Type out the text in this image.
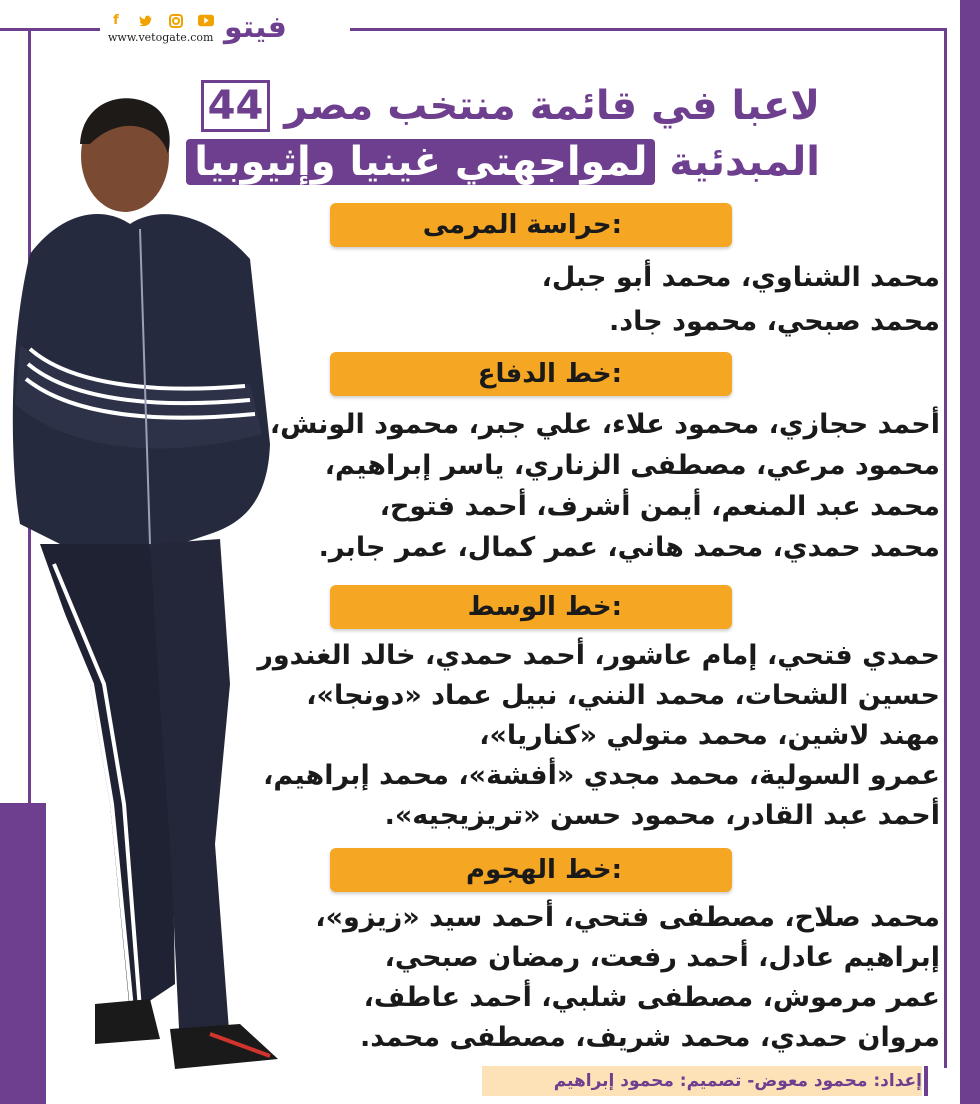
f
www.vetogate.com فيتو
44 لاعبا في قائمة منتخب مصر
المبدئية لمواجهتي غينيا وإثيوبيا
حراسة المرمى:
محمد الشناوي، محمد أبو جبل،
محمد صبحي، محمود جاد.
خط الدفاع:
أحمد حجازي، محمود علاء، علي جبر، محمود الونش،
محمود مرعي، مصطفى الزناري، ياسر إبراهيم،
محمد عبد المنعم، أيمن أشرف، أحمد فتوح،
محمد حمدي، محمد هاني، عمر كمال، عمر جابر.
خط الوسط:
حمدي فتحي، إمام عاشور، أحمد حمدي، خالد الغندور
حسين الشحات، محمد النني، نبيل عماد «دونجا»،
مهند لاشين، محمد متولي «كناريا»،
عمرو السولية، محمد مجدي «أفشة»، محمد إبراهيم،
أحمد عبد القادر، محمود حسن «تريزيجيه».
خط الهجوم:
محمد صلاح، مصطفى فتحي، أحمد سيد «زيزو»،
إبراهيم عادل، أحمد رفعت، رمضان صبحي،
عمر مرموش، مصطفى شلبي، أحمد عاطف،
مروان حمدي، محمد شريف، مصطفى محمد.
إعداد: محمود معوض- تصميم: محمود إبراهيم
